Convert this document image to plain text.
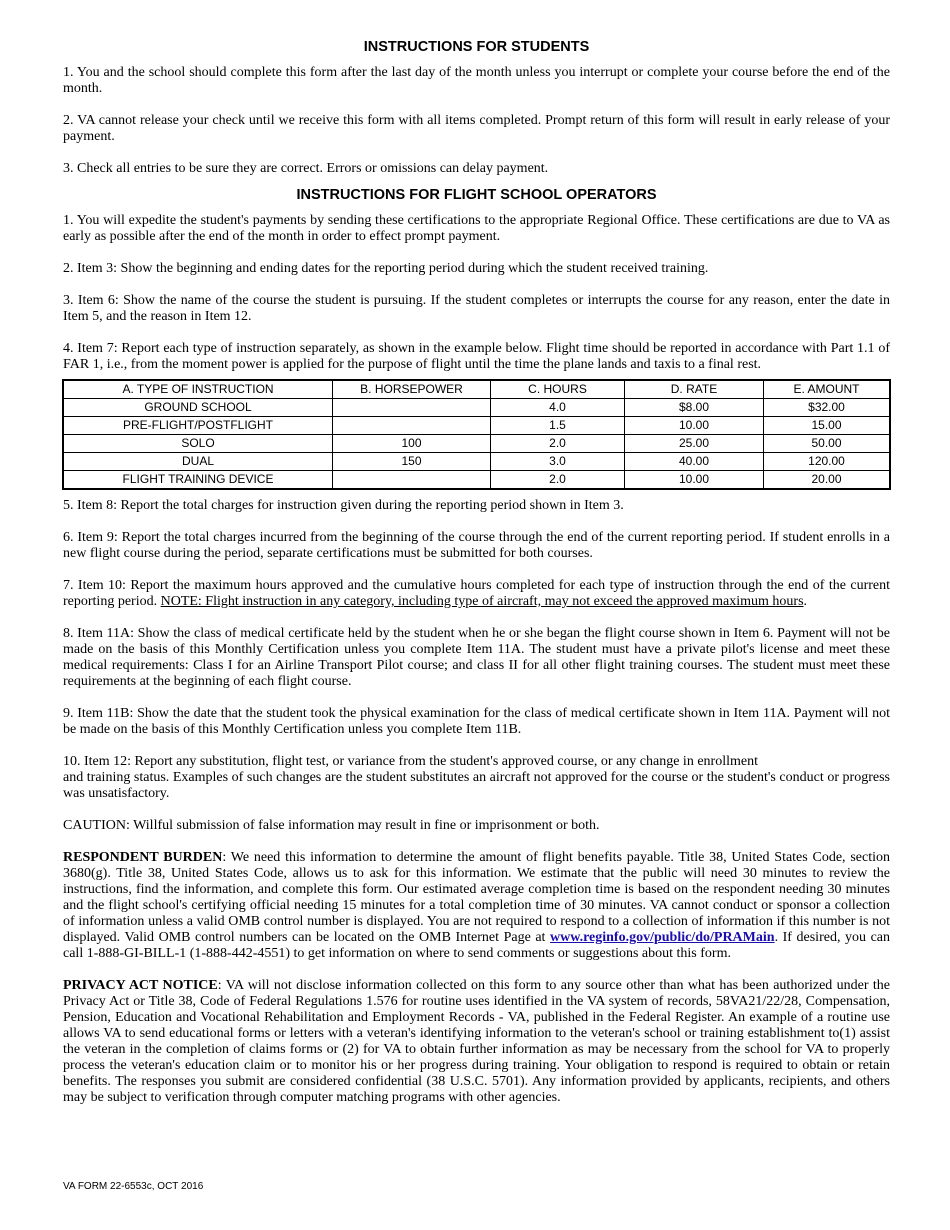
INSTRUCTIONS FOR STUDENTS

1. You and the school should complete this form after the last day of the month unless you interrupt or complete your course before the end of the month.

2. VA cannot release your check until we receive this form with all items completed. Prompt return of this form will result in early release of your payment.

3. Check all entries to be sure they are correct. Errors or omissions can delay payment.

INSTRUCTIONS FOR FLIGHT SCHOOL OPERATORS

1. You will expedite the student's payments by sending these certifications to the appropriate Regional Office. These certifications are due to VA as early as possible after the end of the month in order to effect prompt payment.

2. Item 3: Show the beginning and ending dates for the reporting period during which the student received training.

3. Item 6: Show the name of the course the student is pursuing. If the student completes or interrupts the course for any reason, enter the date in Item 5, and the reason in Item 12.

4. Item 7: Report each type of instruction separately, as shown in the example below. Flight time should be reported in accordance with Part 1.1 of FAR 1, i.e., from the moment power is applied for the purpose of flight until the time the plane lands and taxis to a final rest.

A. TYPE OF INSTRUCTION	B. HORSEPOWER	C. HOURS	D. RATE	E. AMOUNT
GROUND SCHOOL		4.0	$8.00	$32.00
PRE-FLIGHT/POSTFLIGHT		1.5	10.00	15.00
SOLO	100	2.0	25.00	50.00
DUAL	150	3.0	40.00	120.00
FLIGHT TRAINING DEVICE		2.0	10.00	20.00

5. Item 8: Report the total charges for instruction given during the reporting period shown in Item 3.

6. Item 9: Report the total charges incurred from the beginning of the course through the end of the current reporting period. If student enrolls in a new flight course during the period, separate certifications must be submitted for both courses.

7. Item 10: Report the maximum hours approved and the cumulative hours completed for each type of instruction through the end of the current reporting period. NOTE: Flight instruction in any category, including type of aircraft, may not exceed the approved maximum hours.

8. Item 11A: Show the class of medical certificate held by the student when he or she began the flight course shown in Item 6. Payment will not be made on the basis of this Monthly Certification unless you complete Item 11A. The student must have a private pilot's license and meet these medical requirements: Class I for an Airline Transport Pilot course; and class II for all other flight training courses. The student must meet these requirements at the beginning of each flight course.

9. Item 11B: Show the date that the student took the physical examination for the class of medical certificate shown in Item 11A. Payment will not be made on the basis of this Monthly Certification unless you complete Item 11B.

10. Item 12: Report any substitution, flight test, or variance from the student's approved course, or any change in enrollment
and training status. Examples of such changes are the student substitutes an aircraft not approved for the course or the student's conduct or progress was unsatisfactory.

CAUTION: Willful submission of false information may result in fine or imprisonment or both.

RESPONDENT BURDEN: We need this information to determine the amount of flight benefits payable. Title 38, United States Code, section 3680(g). Title 38, United States Code, allows us to ask for this information. We estimate that the public will need 30 minutes to review the instructions, find the information, and complete this form. Our estimated average completion time is based on the respondent needing 30 minutes and the flight school's certifying official needing 15 minutes for a total completion time of 30 minutes. VA cannot conduct or sponsor a collection of information unless a valid OMB control number is displayed. You are not required to respond to a collection of information if this number is not displayed. Valid OMB control numbers can be located on the OMB Internet Page at www.reginfo.gov/public/do/PRAMain. If desired, you can call 1-888-GI-BILL-1 (1-888-442-4551) to get information on where to send comments or suggestions about this form.

PRIVACY ACT NOTICE: VA will not disclose information collected on this form to any source other than what has been authorized under the Privacy Act or Title 38, Code of Federal Regulations 1.576 for routine uses identified in the VA system of records, 58VA21/22/28, Compensation, Pension, Education and Vocational Rehabilitation and Employment Records - VA, published in the Federal Register. An example of a routine use allows VA to send educational forms or letters with a veteran's identifying information to the veteran's school or training establishment to(1) assist the veteran in the completion of claims forms or (2) for VA to obtain further information as may be necessary from the school for VA to properly process the veteran's education claim or to monitor his or her progress during training. Your obligation to respond is required to obtain or retain benefits. The responses you submit are considered confidential (38 U.S.C. 5701). Any information provided by applicants, recipients, and others may be subject to verification through computer matching programs with other agencies.

VA FORM 22-6553c, OCT 2016
